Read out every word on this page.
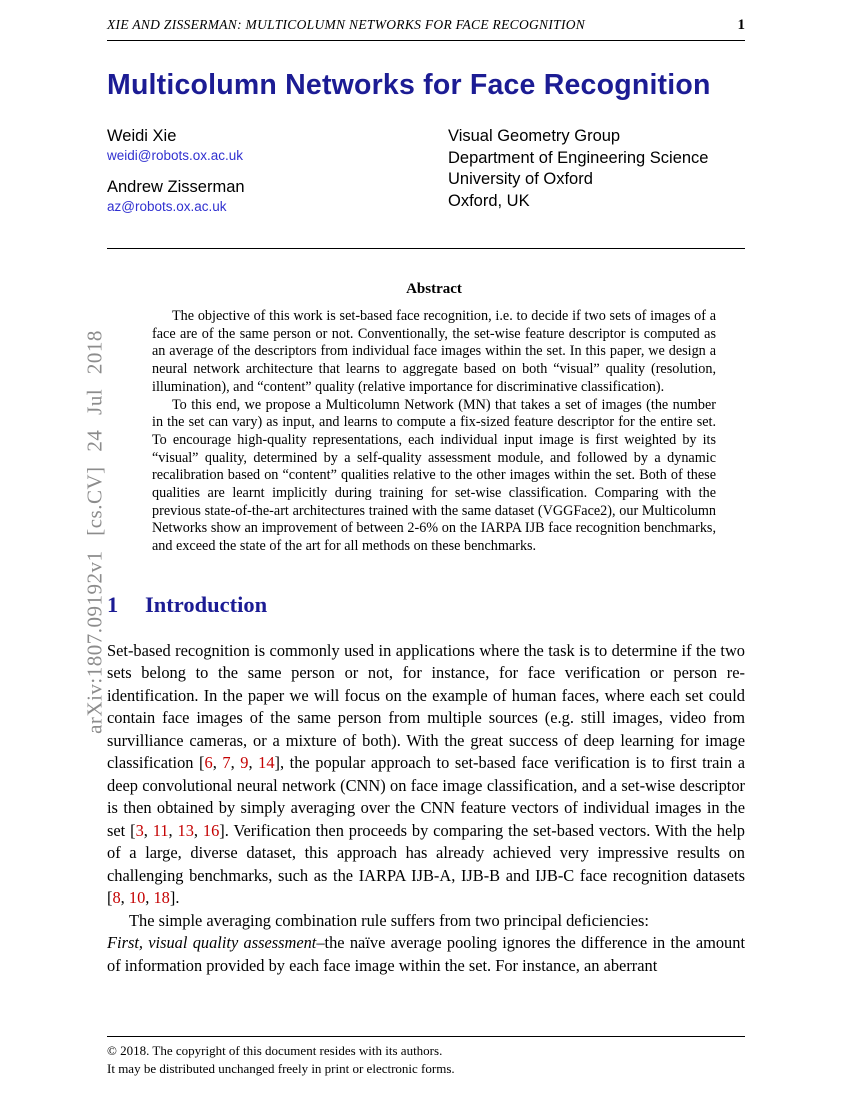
XIE AND ZISSERMAN: MULTICOLUMN NETWORKS FOR FACE RECOGNITION	1
Multicolumn Networks for Face Recognition
Weidi Xie
weidi@robots.ox.ac.uk
Andrew Zisserman
az@robots.ox.ac.uk
Visual Geometry Group
Department of Engineering Science
University of Oxford
Oxford, UK
Abstract

The objective of this work is set-based face recognition, i.e. to decide if two sets of images of a face are of the same person or not. Conventionally, the set-wise feature descriptor is computed as an average of the descriptors from individual face images within the set. In this paper, we design a neural network architecture that learns to aggregate based on both “visual” quality (resolution, illumination), and “content” quality (relative importance for discriminative classification).

To this end, we propose a Multicolumn Network (MN) that takes a set of images (the number in the set can vary) as input, and learns to compute a fix-sized feature descriptor for the entire set. To encourage high-quality representations, each individual input image is first weighted by its “visual” quality, determined by a self-quality assessment module, and followed by a dynamic recalibration based on “content” qualities relative to the other images within the set. Both of these qualities are learnt implicitly during training for set-wise classification. Comparing with the previous state-of-the-art architectures trained with the same dataset (VGGFace2), our Multicolumn Networks show an improvement of between 2-6% on the IARPA IJB face recognition benchmarks, and exceed the state of the art for all methods on these benchmarks.

1 Introduction

Set-based recognition is commonly used in applications where the task is to determine if the two sets belong to the same person or not, for instance, for face verification or person re-identification. In the paper we will focus on the example of human faces, where each set could contain face images of the same person from multiple sources (e.g. still images, video from survilliance cameras, or a mixture of both). With the great success of deep learning for image classification [6, 7, 9, 14], the popular approach to set-based face verification is to first train a deep convolutional neural network (CNN) on face image classification, and a set-wise descriptor is then obtained by simply averaging over the CNN feature vectors of individual images in the set [3, 11, 13, 16]. Verification then proceeds by comparing the set-based vectors. With the help of a large, diverse dataset, this approach has already achieved very impressive results on challenging benchmarks, such as the IARPA IJB-A, IJB-B and IJB-C face recognition datasets [8, 10, 18].

The simple averaging combination rule suffers from two principal deficiencies:

First, visual quality assessment–the naïve average pooling ignores the difference in the amount of information provided by each face image within the set. For instance, an aberrant

© 2018. The copyright of this document resides with its authors.
It may be distributed unchanged freely in print or electronic forms.
arXiv:1807.09192v1 [cs.CV] 24 Jul 2018
